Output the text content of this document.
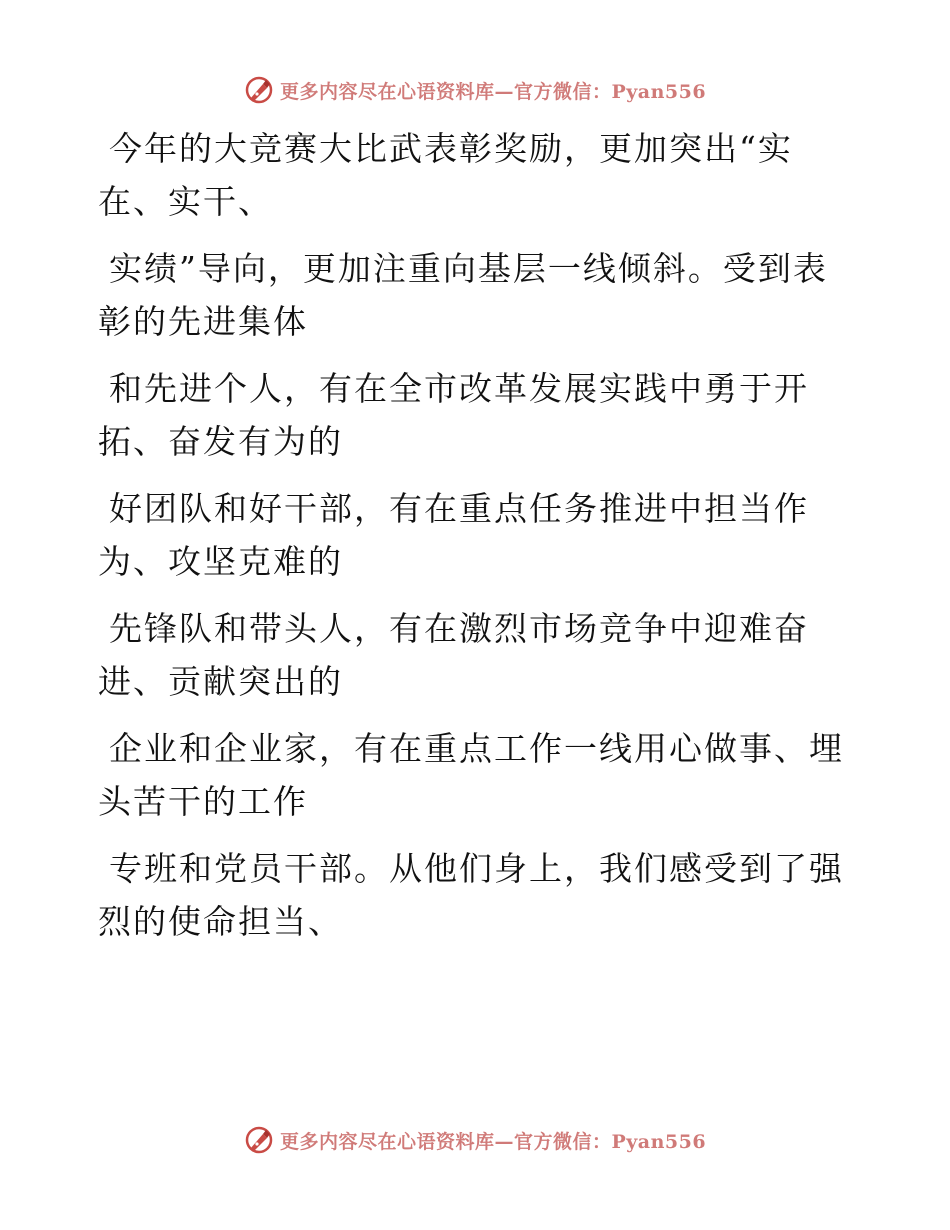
更多内容尽在心语资料库—官方微信：Pyan556
今年的大竞赛大比武表彰奖励，更加突出“实
在、实干、
实绩”导向，更加注重向基层一线倾斜。受到表
彰的先进集体
和先进个人，有在全市改革发展实践中勇于开
拓、奋发有为的
好团队和好干部，有在重点任务推进中担当作
为、攻坚克难的
先锋队和带头人，有在激烈市场竞争中迎难奋
进、贡献突出的
企业和企业家，有在重点工作一线用心做事、埋
头苦干的工作
专班和党员干部。从他们身上，我们感受到了强
烈的使命担当、
更多内容尽在心语资料库—官方微信：Pyan556
